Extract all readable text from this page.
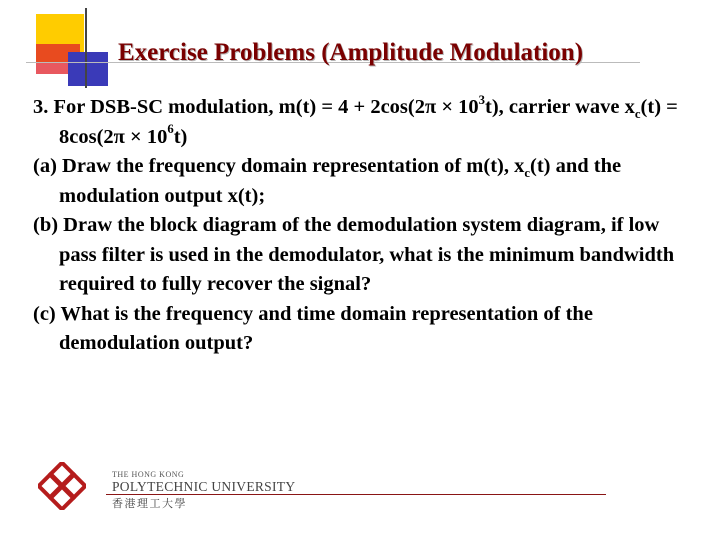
Exercise Problems (Amplitude Modulation)

3. For DSB-SC modulation, $m(t) = 4 + 2\cos(2\pi \times 10^3t)$, carrier wave $x_c(t) = 8\cos(2\pi \times 10^6t)$

(a) Draw the frequency domain representation of m(t), $x_c(t)$ and the modulation output x(t);

(b) Draw the block diagram of the demodulation system diagram, if low pass filter is used in the demodulator, what is the minimum bandwidth required to fully recover the signal?

(c) What is the frequency and time domain representation of the demodulation output?

THE HONG KONG
POLYTECHNIC UNIVERSITY
香港理工大學
